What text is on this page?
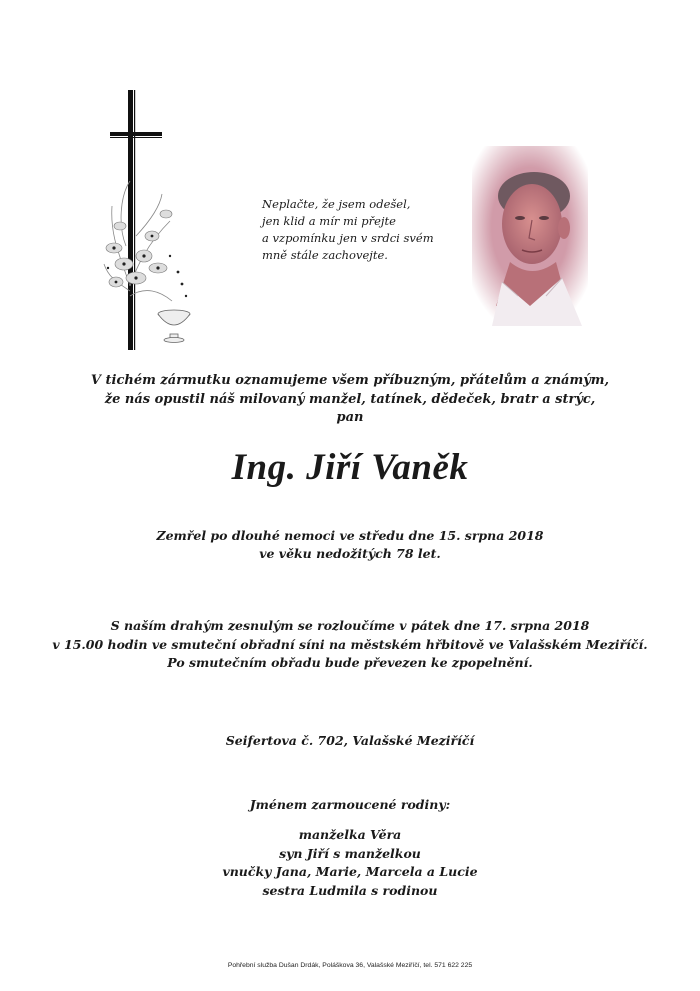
Neplačte, že jsem odešel,
jen klid a mír mi přejte
a vzpomínku jen v srdci svém
mně stále zachovejte.
V tichém zármutku oznamujeme všem příbuzným, přátelům a známým,
že nás opustil náš milovaný manžel, tatínek, dědeček, bratr a strýc,
pan
Ing. Jiří Vaněk
Zemřel po dlouhé nemoci ve středu dne 15. srpna 2018
ve věku nedožitých 78 let.
S naším drahým zesnulým se rozloučíme v pátek dne 17. srpna 2018
v 15.00 hodin ve smuteční obřadní síni na městském hřbitově ve Valašském Meziříčí.
Po smutečním obřadu bude převezen ke zpopelnění.
Seifertova č. 702, Valašské Meziříčí
Jménem zarmoucené rodiny:
manželka Věra
syn Jiří s manželkou
vnučky Jana, Marie, Marcela a Lucie
sestra Ludmila s rodinou
Pohřební služba Dušan Drdák, Poláškova 36, Valašské Meziříčí, tel. 571 622 225
